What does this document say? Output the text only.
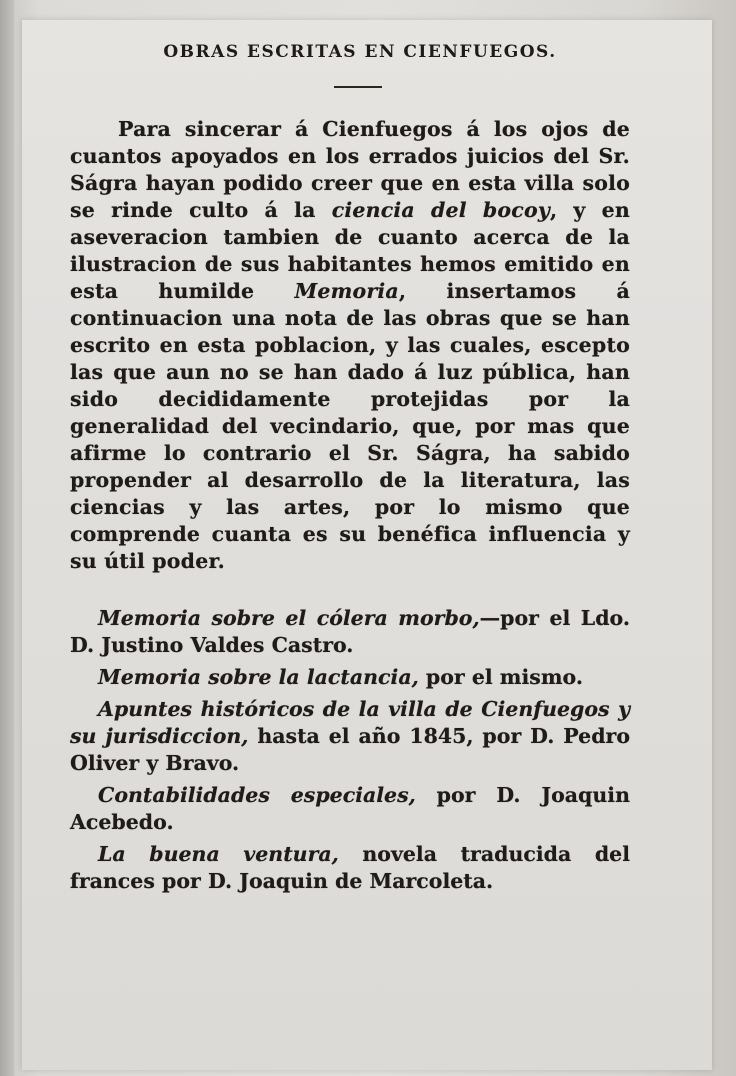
OBRAS ESCRITAS EN CIENFUEGOS.

Para sincerar á Cienfuegos á los ojos de cuantos apoyados en los errados juicios del Sr. Ságra hayan podido creer que en esta villa solo se rinde culto á la ciencia del bocoy, y en aseveracion tambien de cuanto acerca de la ilustracion de sus habitantes hemos emitido en esta humilde Memoria, insertamos á continuacion una nota de las obras que se han escrito en esta poblacion, y las cuales, escepto las que aun no se han dado á luz pública, han sido decididamente protejidas por la generalidad del vecindario, que, por mas que afirme lo contrario el Sr. Ságra, ha sabido propender al desarrollo de la literatura, las ciencias y las artes, por lo mismo que comprende cuanta es su benéfica influencia y su útil poder.

Memoria sobre el cólera morbo,—por el Ldo. D. Justino Valdes Castro.

Memoria sobre la lactancia, por el mismo.

Apuntes históricos de la villa de Cienfuegos y su jurisdiccion, hasta el año 1845, por D. Pedro Oliver y Bravo.

Contabilidades especiales, por D. Joaquin Acebedo.

La buena ventura, novela traducida del frances por D. Joaquin de Marcoleta.
